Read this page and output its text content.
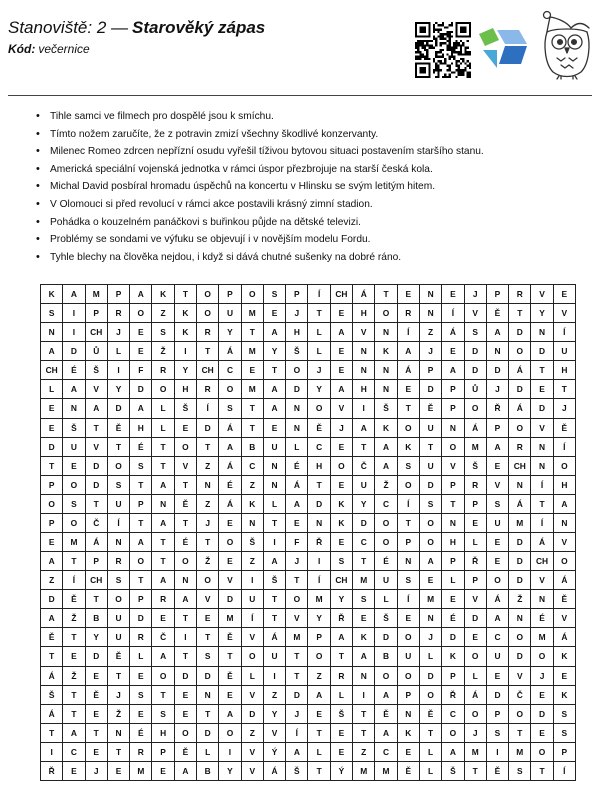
Stanoviště: 2 — Starověký zápas
Kód: večernice
• Tihle samci ve filmech pro dospělé jsou k smíchu.
• Tímto nožem zaručíte, že z potravin zmizí všechny škodlivé konzervanty.
• Milenec Romeo zdrcen nepřízní osudu vyřešil tíživou bytovou situaci postavením staršího stanu.
• Americká speciální vojenská jednotka v rámci úspor přezbrojuje na starší česká kola.
• Michal David posbíral hromadu úspěchů na koncertu v Hlinsku se svým letitým hitem.
• V Olomouci si před revolucí v rámci akce postavili krásný zimní stadion.
• Pohádka o kouzelném panáčkovi s buřinkou půjde na dětské televizi.
• Problémy se sondami ve výfuku se objevují i v novějším modelu Fordu.
• Tyhle blechy na člověka nejdou, i když si dává chutné sušenky na dobré ráno.
K	A	M	P	A	K	T	O	P	O	S	P	Í	CH	Á	T	E	N	E	J	P	R	V	E
S	I	P	R	O	Z	K	O	U	M	E	J	T	E	H	O	R	N	Í	V	Ě	T	Y	V
N	I	CH	J	E	S	K	R	Y	T	A	H	L	A	V	N	Í	Z	Á	S	A	D	N	Í
A	D	Ů	L	E	Ž	I	T	Á	M	Y	Š	L	E	N	K	A	J	E	D	N	O	D	U
CH	É	Š	I	F	R	Y	CH	C	E	T	O	J	E	N	N	Á	P	A	D	D	Á	T	H
L	A	V	Y	D	O	H	R	O	M	A	D	Y	A	H	N	E	D	P	Ů	J	D	E	T
E	N	A	D	A	L	Š	Í	S	T	A	N	O	V	I	Š	T	Ě	P	O	Ř	Á	D	J
E	Š	T	Ě	H	L	E	D	Á	T	E	N	Ě	J	A	K	O	U	N	Á	P	O	V	Ě
D	U	V	T	É	T	O	T	A	B	U	L	C	E	T	A	K	T	O	M	A	R	N	Í
T	E	D	O	S	T	V	Z	Á	C	N	É	H	O	Č	A	S	U	V	Š	E	CH	N	O
P	O	D	S	T	A	T	N	É	Z	N	Á	T	E	U	Ž	O	D	P	R	V	N	Í	H
O	S	T	U	P	N	Ě	Z	Á	K	L	A	D	K	Y	C	Í	S	T	P	S	Á	T	A
P	O	Č	Í	T	A	T	J	E	N	T	E	N	K	D	O	T	O	N	E	U	M	Í	N
E	M	Á	N	A	T	É	T	O	Š	I	F	Ř	E	C	O	P	O	H	L	E	D	Á	V
A	T	P	R	O	T	O	Ž	E	Z	A	J	I	S	T	É	N	A	P	Ř	E	D	CH	O
Z	Í	CH	S	T	A	N	O	V	I	Š	T	Í	CH	M	U	S	E	L	P	O	D	V	Á
D	Ě	T	O	P	R	A	V	D	U	T	O	M	Y	S	L	Í	M	E	V	Á	Ž	N	Ě
A	Ž	B	U	D	E	T	E	M	Í	T	V	Y	Ř	E	Š	E	N	É	D	A	N	É	V
Ě	T	Y	U	R	Č	I	T	Ě	V	Á	M	P	A	K	D	O	J	D	E	C	O	M	Á
T	E	D	Ě	L	A	T	S	T	O	U	T	O	T	A	B	U	L	K	O	U	D	O	K
Á	Ž	E	T	E	O	D	D	Ě	L	I	T	Z	R	N	O	O	D	P	L	E	V	J	E
Š	T	Ě	J	S	T	E	N	E	V	Z	D	A	L	I	A	P	O	Ř	Á	D	Č	E	K
Á	T	E	Ž	E	S	E	T	A	D	Y	J	E	Š	T	Ě	N	Ě	C	O	P	O	D	S
T	A	T	N	É	H	O	D	O	Z	V	Í	T	E	T	A	K	T	O	J	S	T	E	S
I	C	E	T	R	P	Ě	L	I	V	Ý	A	L	E	Z	C	E	L	A	M	I	M	O	P
Ř	E	J	E	M	E	A	B	Y	V	Á	Š	T	Ý	M	M	Ě	L	Š	T	Ě	S	T	Í
